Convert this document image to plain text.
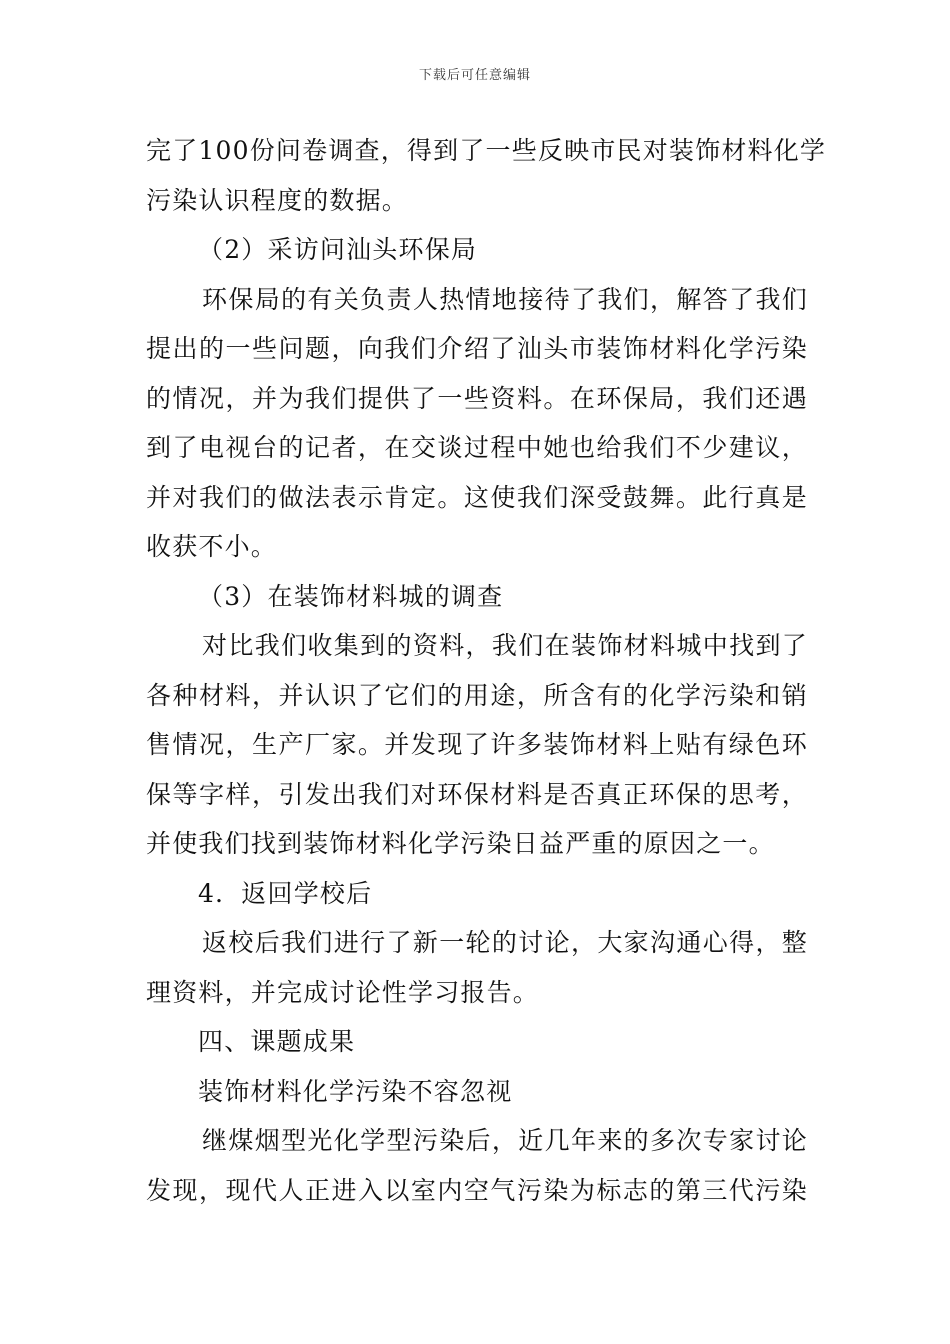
下载后可任意编辑
完了100份问卷调查，得到了一些反映市民对装饰材料化学
污染认识程度的数据。
（2）采访问汕头环保局
环保局的有关负责人热情地接待了我们，解答了我们
提出的一些问题，向我们介绍了汕头市装饰材料化学污染
的情况，并为我们提供了一些资料。在环保局，我们还遇
到了电视台的记者，在交谈过程中她也给我们不少建议，
并对我们的做法表示肯定。这使我们深受鼓舞。此行真是
收获不小。
（3）在装饰材料城的调查
对比我们收集到的资料，我们在装饰材料城中找到了
各种材料，并认识了它们的用途，所含有的化学污染和销
售情况，生产厂家。并发现了许多装饰材料上贴有绿色环
保等字样，引发出我们对环保材料是否真正环保的思考，
并使我们找到装饰材料化学污染日益严重的原因之一。
4．返回学校后
返校后我们进行了新一轮的讨论，大家沟通心得，整
理资料，并完成讨论性学习报告。
四、课题成果
装饰材料化学污染不容忽视
继煤烟型光化学型污染后，近几年来的多次专家讨论
发现，现代人正进入以室内空气污染为标志的第三代污染
